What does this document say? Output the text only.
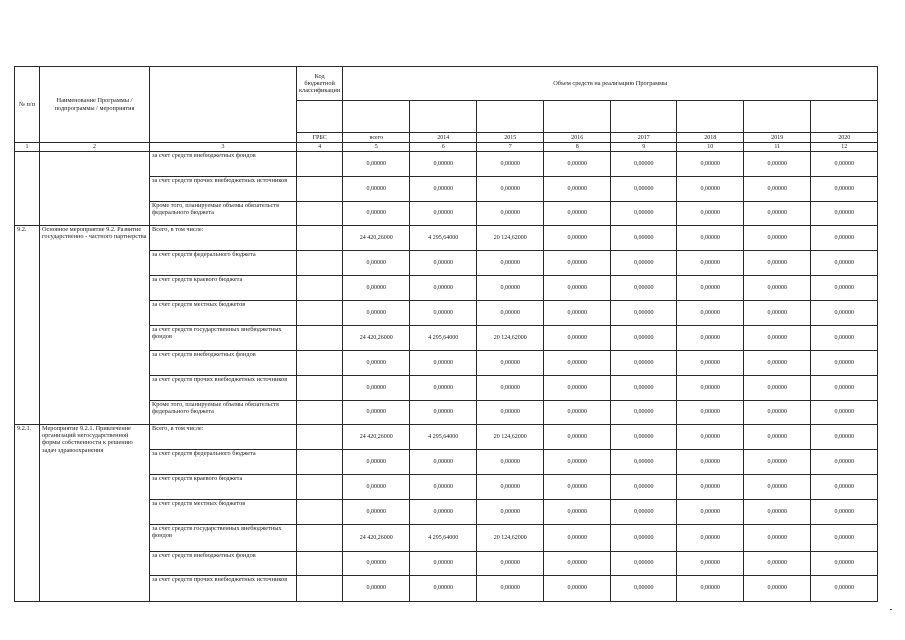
№ п/п	Наименование Программы / подпрограммы / мероприятия		Код бюджетной классификации	Объем средств на реализацию Программы							

			ГРБС	всего	2014	2015	2016	2017	2018	2019	2020
1	2	3	4	5	6	7	8	9	10	11	12
		за счет средств внебюджетных фондов		0,00000	0,00000	0,00000	0,00000	0,00000	0,00000	0,00000	0,00000
		за счет средств прочих внебюджетных источников		0,00000	0,00000	0,00000	0,00000	0,00000	0,00000	0,00000	0,00000
		Кроме того, планируемые объемы обязательств федерального бюджета		0,00000	0,00000	0,00000	0,00000	0,00000	0,00000	0,00000	0,00000
9.2.	Основное мероприятие 9.2. Развитие государственно - частного партнерства	Всего, в том числе:		24 420,26000	4 295,64000	20 124,62000	0,00000	0,00000	0,00000	0,00000	0,00000
		за счет средств федерального бюджета		0,00000	0,00000	0,00000	0,00000	0,00000	0,00000	0,00000	0,00000
		за счет средств краевого бюджета		0,00000	0,00000	0,00000	0,00000	0,00000	0,00000	0,00000	0,00000
		за счет средств местных бюджетов		0,00000	0,00000	0,00000	0,00000	0,00000	0,00000	0,00000	0,00000
		за счет средств государственных внебюджетных фондов		24 420,26000	4 295,64000	20 124,62000	0,00000	0,00000	0,00000	0,00000	0,00000
		за счет средств внебюджетных фондов		0,00000	0,00000	0,00000	0,00000	0,00000	0,00000	0,00000	0,00000
		за счет средств прочих внебюджетных источников		0,00000	0,00000	0,00000	0,00000	0,00000	0,00000	0,00000	0,00000
		Кроме того, планируемые объемы обязательств федерального бюджета		0,00000	0,00000	0,00000	0,00000	0,00000	0,00000	0,00000	0,00000
9.2.1.	Мероприятие 9.2.1. Привлечение организаций негосударственной формы собственности к решению задач здравоохранения	Всего, в том числе:		24 420,26000	4 295,64000	20 124,62000	0,00000	0,00000	0,00000	0,00000	0,00000
		за счет средств федерального бюджета		0,00000	0,00000	0,00000	0,00000	0,00000	0,00000	0,00000	0,00000
		за счет средств краевого бюджета		0,00000	0,00000	0,00000	0,00000	0,00000	0,00000	0,00000	0,00000
		за счет средств местных бюджетов		0,00000	0,00000	0,00000	0,00000	0,00000	0,00000	0,00000	0,00000
		за счет средств государственных внебюджетных фондов		24 420,26000	4 295,64000	20 124,62000	0,00000	0,00000	0,00000	0,00000	0,00000
		за счет средств внебюджетных фондов		0,00000	0,00000	0,00000	0,00000	0,00000	0,00000	0,00000	0,00000
		за счет средств прочих внебюджетных источников		0,00000	0,00000	0,00000	0,00000	0,00000	0,00000	0,00000	0,00000
